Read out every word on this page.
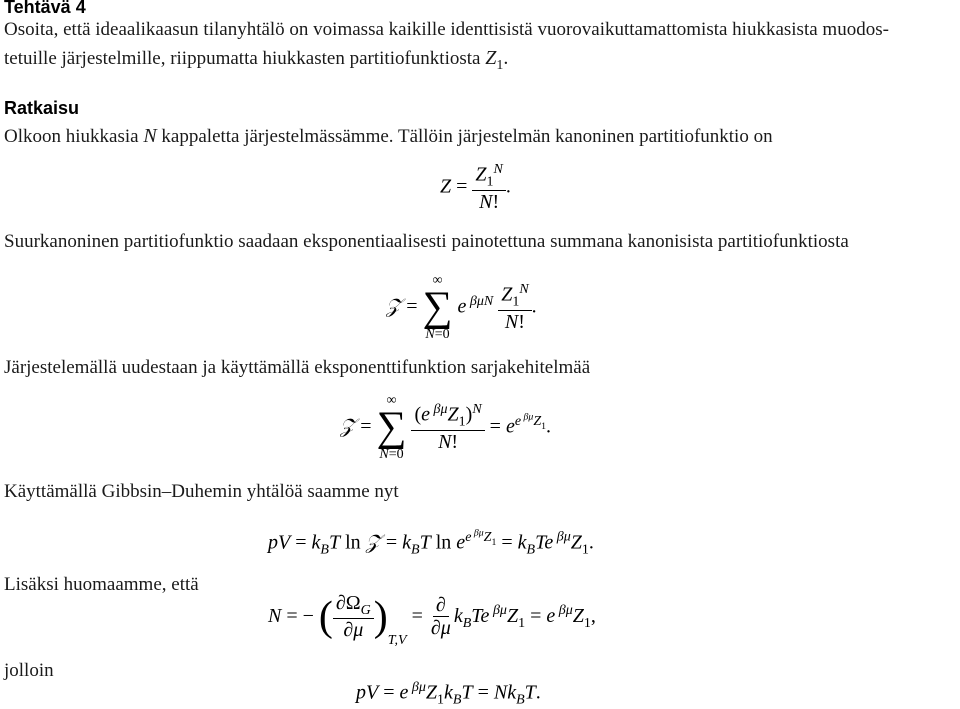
Tehtävä 4
Osoita, että ideaalikaasun tilanyhtälö on voimassa kaikille identtisistä vuorovaikuttamattomista hiukkasista muodos-
tetuille järjestelmille, riippumatta hiukkasten partitiofunktiosta $Z_1$.
Ratkaisu
Olkoon hiukkasia N kappaletta järjestelmässämme. Tällöin järjestelmän kanoninen partitiofunktio on
$Z = \frac{Z_1^N}{N!}$ .
Suurkanoninen partitiofunktio saadaan eksponentiaalisesti painotettuna summana kanonisista partitiofunktiosta
𝒵 =
∞
∑
N=0
e $^{\beta\mu N} \frac{Z_1^N}{N!}$ .
Järjestelemällä uudestaan ja käyttämällä eksponenttifunktion sarjakehitelmää
𝒵 =
∞
∑
N=0

$\frac{(e ^{\beta\mu}Z_1)^N}{N!} = e^{e ^{\beta\mu}Z_1}$.
Käyttämällä Gibbsin–Duhemin yhtälöä saamme nyt
pV = $k_BT$ ln 𝒵 = $k_BT$ $\ln e^{e ^{\beta\mu}Z_1} = k_BTe$ $^{\beta\mu}Z_1$.
Lisäksi huomaamme, että
N = − ( $\frac{\partial\Omega_G}{\partial\mu} )_{T,V} = \frac{\partial}{\partial\mu} k_BTe$ $^{\beta\mu}Z_1 = e$ $^{\beta\mu}Z_1$,
jolloin
pV = e $^{\beta\mu}Z_1k_BT = Nk_BT$.
